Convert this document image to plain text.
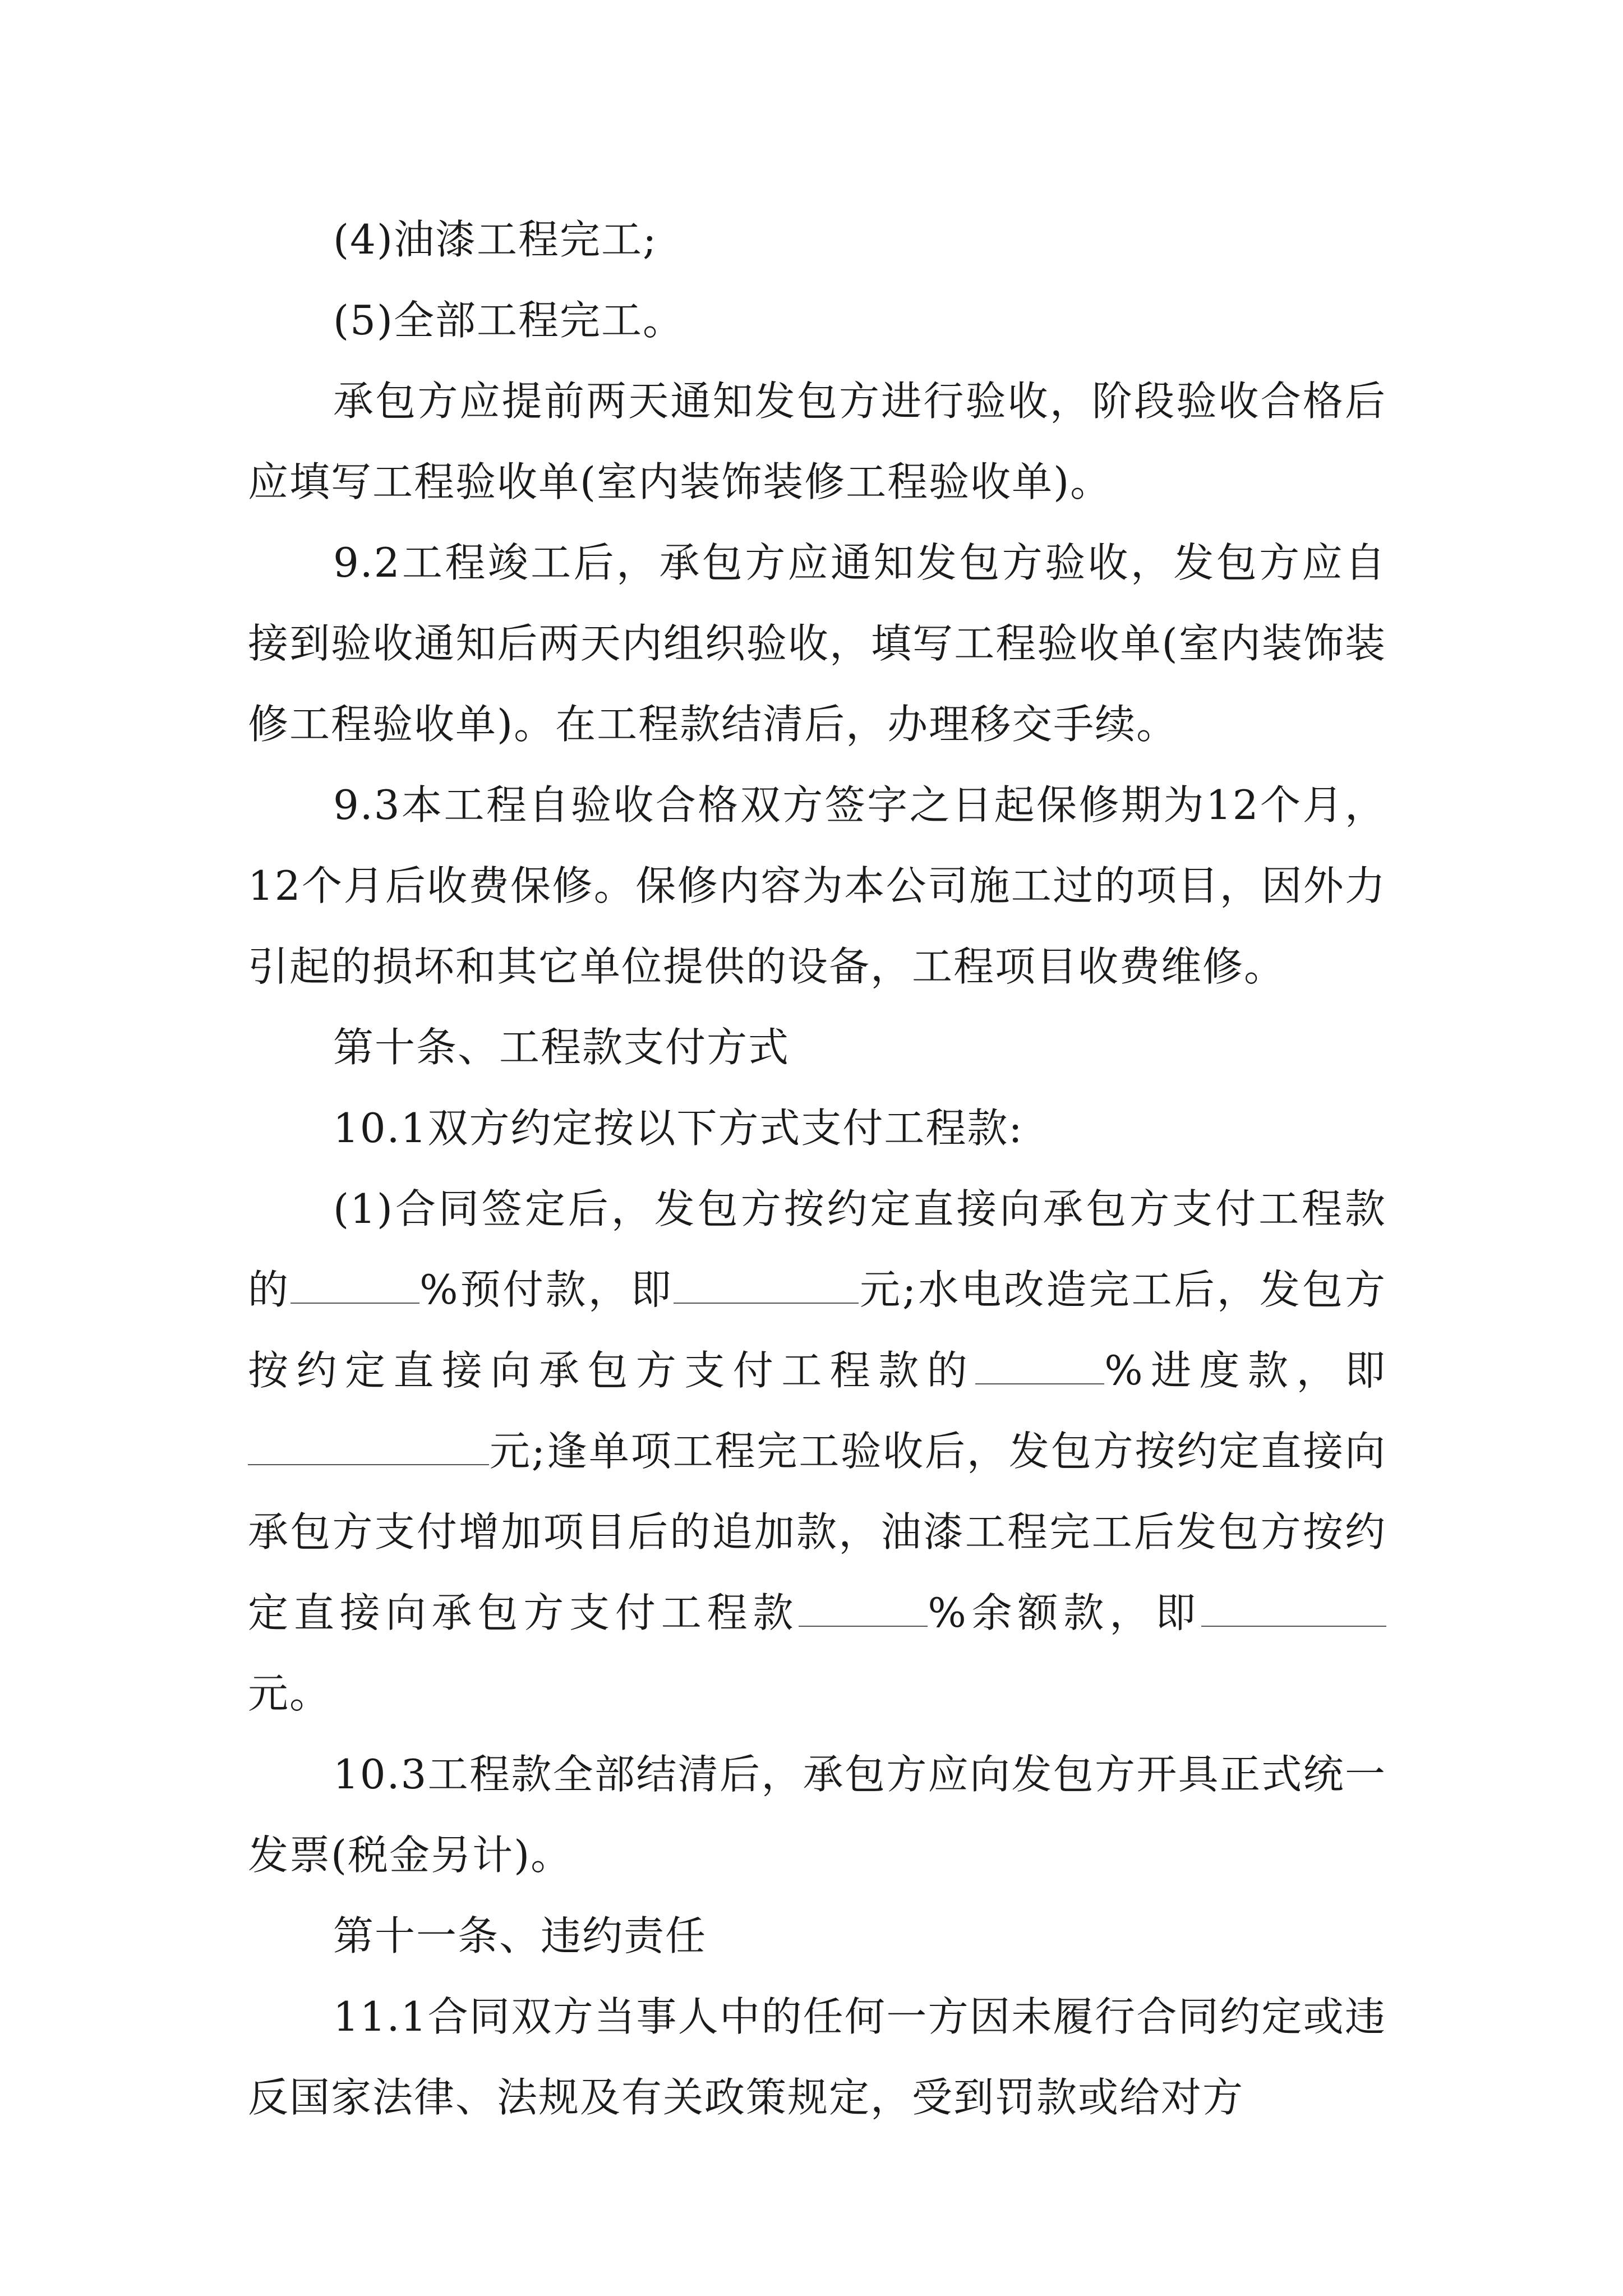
(4)油漆工程完工;

(5)全部工程完工。

承包方应提前两天通知发包方进行验收，阶段验收合格后应填写工程验收单(室内装饰装修工程验收单)。

9.2工程竣工后，承包方应通知发包方验收，发包方应自接到验收通知后两天内组织验收，填写工程验收单(室内装饰装修工程验收单)。在工程款结清后，办理移交手续。

9.3本工程自验收合格双方签字之日起保修期为12个月，12个月后收费保修。保修内容为本公司施工过的项目，因外力引起的损坏和其它单位提供的设备，工程项目收费维修。

第十条、工程款支付方式

10.1双方约定按以下方式支付工程款:

(1)合同签定后，发包方按约定直接向承包方支付工程款的	%预付款，即	元;水电改造完工后，发包方按约定直接向承包方支付工程款的	%进度款，即元;逢单项工程完工验收后，发包方按约定直接向承包方支付增加项目后的追加款，油漆工程完工后发包方按约定直接向承包方支付工程款	%余额款，即元。

10.3工程款全部结清后，承包方应向发包方开具正式统一发票(税金另计)。

第十一条、违约责任

11.1合同双方当事人中的任何一方因未履行合同约定或违反国家法律、法规及有关政策规定，受到罚款或给对方
